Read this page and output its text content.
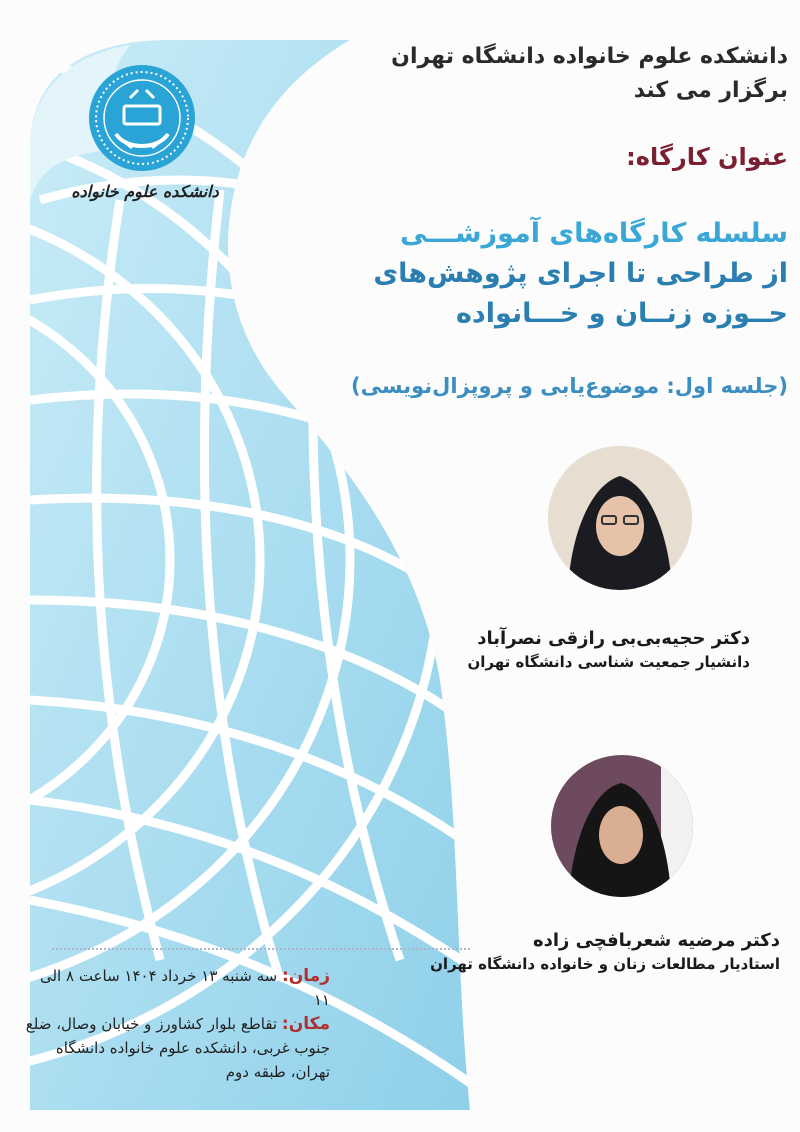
دانشکده علوم خانواده
دانشکده علوم خانواده دانشگاه تهران
برگزار می کند
عنوان کارگاه:
سلسله کارگاه‌های آموزشـــی
از طراحی تا اجرای پژوهش‌های
حــوزه زنــان و خـــانواده
(جلسه اول: موضوع‌یابی و پروپزال‌نویسی)
دکتر حجیه‌بی‌بی رازقی نصرآباد
دانشیار جمعیت شناسی دانشگاه تهران
دکتر مرضیه شعربافچی زاده
استادیار مطالعات زنان و خانواده دانشگاه تهران
زمان: سه شنبه ۱۳ خرداد ۱۴۰۴ ساعت ۸ الی ۱۱
مکان: تقاطع بلوار کشاورز و خیابان وصال، ضلع جنوب غربی، دانشکده علوم خانواده دانشگاه تهران، طبقه دوم
